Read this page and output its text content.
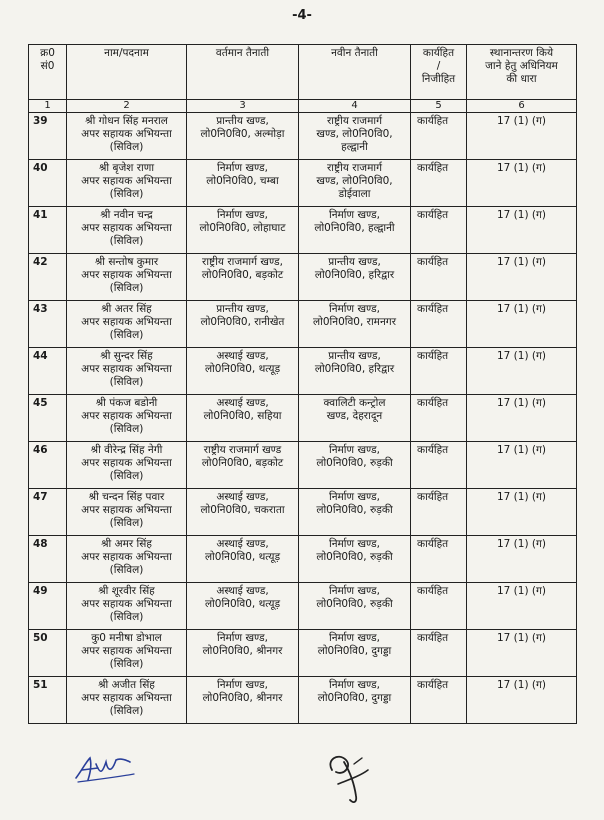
-4-
क्र0
सं0	नाम/पदनाम	वर्तमान तैनाती	नवीन तैनाती	कार्यहित
/
निजीहित	स्थानान्तरण किये
जाने हेतु अधिनियम
की धारा

1	2	3	4	5	6
39	श्री गोधन सिंह मनराल
अपर सहायक अभियन्ता
(सिविल)	प्रान्तीय खण्ड,
लो0नि0वि0, अल्मोड़ा	राष्ट्रीय राजमार्ग
खण्ड, लो0नि0वि0,
हल्द्वानी	कार्यहित	17 (1) (ग)
40	श्री बृजेश राणा
अपर सहायक अभियन्ता
(सिविल)	निर्माण खण्ड,
लो0नि0वि0, चम्बा	राष्ट्रीय राजमार्ग
खण्ड, लो0नि0वि0,
डोईवाला	कार्यहित	17 (1) (ग)
41	श्री नवीन चन्द्र
अपर सहायक अभियन्ता
(सिविल)	निर्माण खण्ड,
लो0नि0वि0, लोहाघाट	निर्माण खण्ड,
लो0नि0वि0, हल्द्वानी	कार्यहित	17 (1) (ग)
42	श्री सन्तोष कुमार
अपर सहायक अभियन्ता
(सिविल)	राष्ट्रीय राजमार्ग खण्ड,
लो0नि0वि0, बड़कोट	प्रान्तीय खण्ड,
लो0नि0वि0, हरिद्वार	कार्यहित	17 (1) (ग)
43	श्री अतर सिंह
अपर सहायक अभियन्ता
(सिविल)	प्रान्तीय खण्ड,
लो0नि0वि0, रानीखेत	निर्माण खण्ड,
लो0नि0वि0, रामनगर	कार्यहित	17 (1) (ग)
44	श्री सुन्दर सिंह
अपर सहायक अभियन्ता
(सिविल)	अस्थाई खण्ड,
लो0नि0वि0, थत्यूड़	प्रान्तीय खण्ड,
लो0नि0वि0, हरिद्वार	कार्यहित	17 (1) (ग)
45	श्री पंकज बडोनी
अपर सहायक अभियन्ता
(सिविल)	अस्थाई खण्ड,
लो0नि0वि0, सहिया	क्वालिटी कन्ट्रोल
खण्ड, देहरादून	कार्यहित	17 (1) (ग)
46	श्री वीरेन्द्र सिंह नेगी
अपर सहायक अभियन्ता
(सिविल)	राष्ट्रीय राजमार्ग खण्ड
लो0नि0वि0, बड़कोट	निर्माण खण्ड,
लो0नि0वि0, रुड़की	कार्यहित	17 (1) (ग)
47	श्री चन्दन सिंह पवार
अपर सहायक अभियन्ता
(सिविल)	अस्थाई खण्ड,
लो0नि0वि0, चकराता	निर्माण खण्ड,
लो0नि0वि0, रुड़की	कार्यहित	17 (1) (ग)
48	श्री अमर सिंह
अपर सहायक अभियन्ता
(सिविल)	अस्थाई खण्ड,
लो0नि0वि0, थत्यूड़	निर्माण खण्ड,
लो0नि0वि0, रुड़की	कार्यहित	17 (1) (ग)
49	श्री शूरवीर सिंह
अपर सहायक अभियन्ता
(सिविल)	अस्थाई खण्ड,
लो0नि0वि0, थत्यूड़	निर्माण खण्ड,
लो0नि0वि0, रुड़की	कार्यहित	17 (1) (ग)
50	कु0 मनीषा डोभाल
अपर सहायक अभियन्ता
(सिविल)	निर्माण खण्ड,
लो0नि0वि0, श्रीनगर	निर्माण खण्ड,
लो0नि0वि0, दुगड्डा	कार्यहित	17 (1) (ग)
51	श्री अजीत सिंह
अपर सहायक अभियन्ता
(सिविल)	निर्माण खण्ड,
लो0नि0वि0, श्रीनगर	निर्माण खण्ड,
लो0नि0वि0, दुगड्डा	कार्यहित	17 (1) (ग)
